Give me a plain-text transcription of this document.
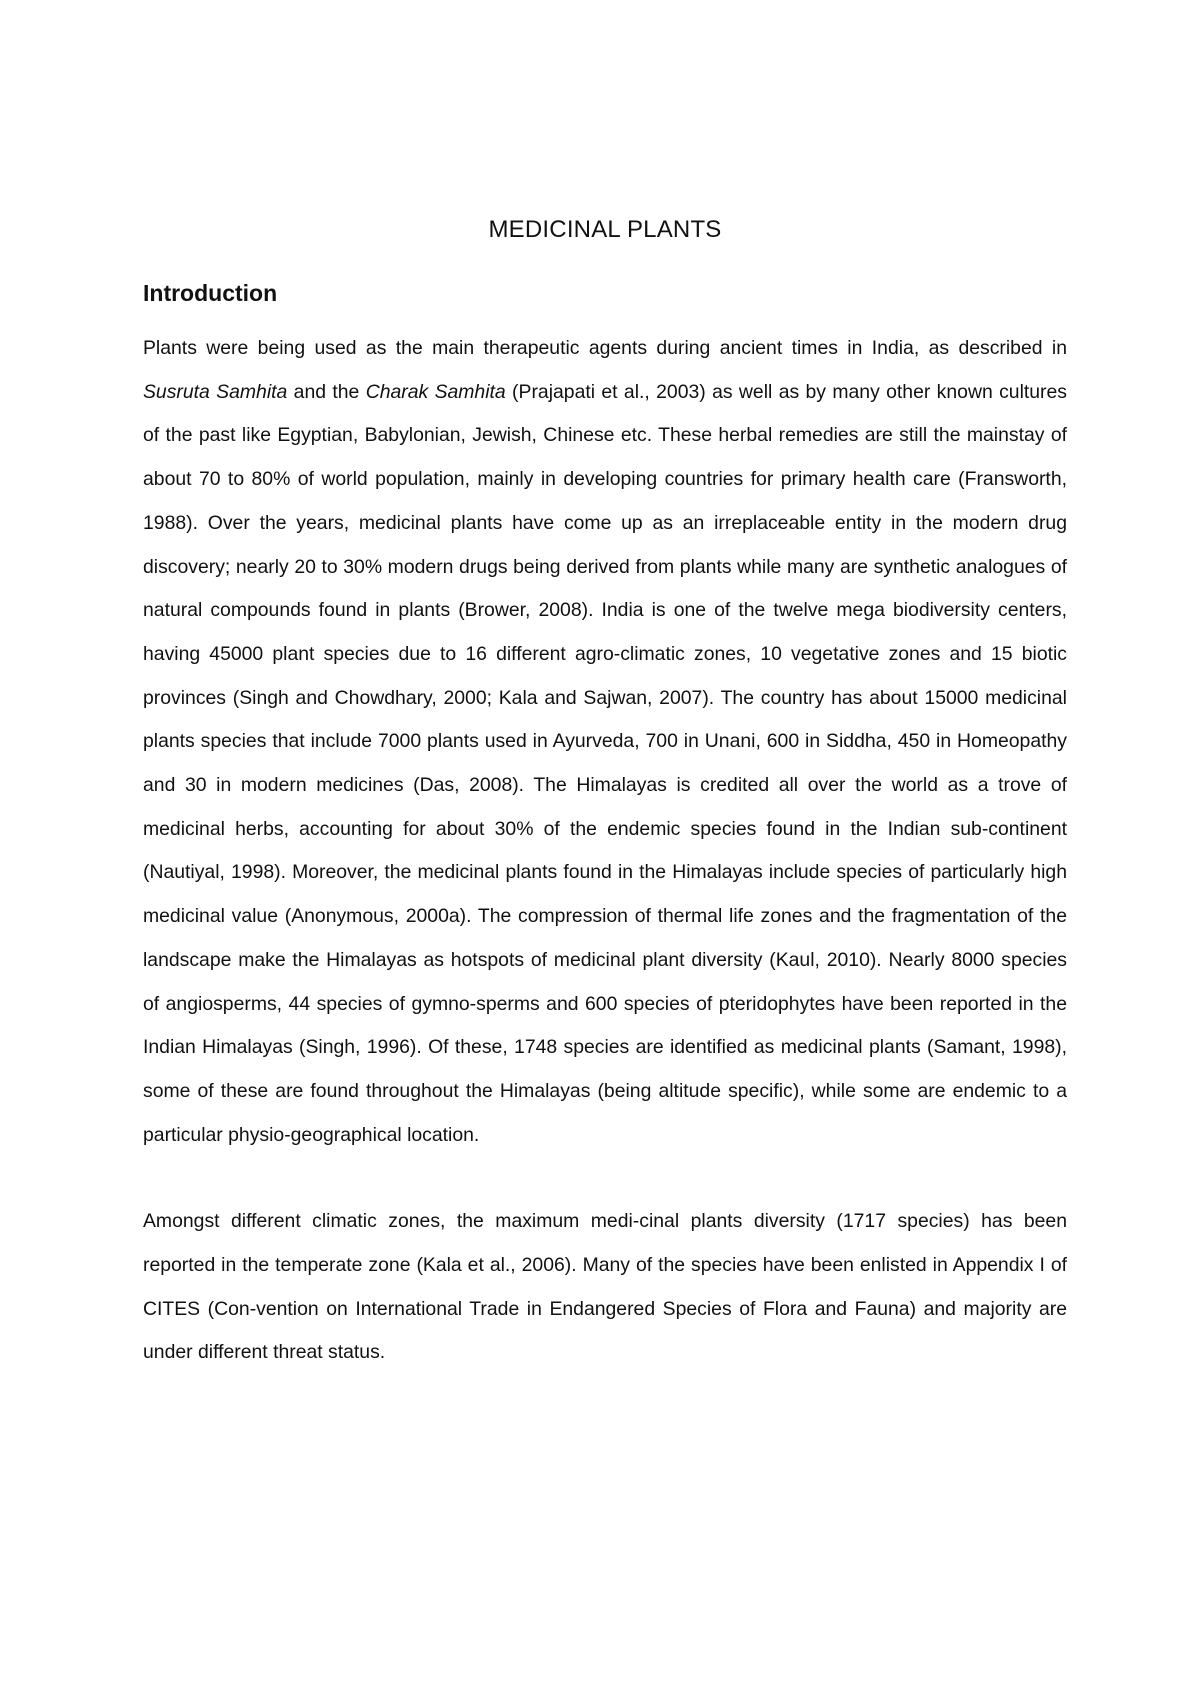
MEDICINAL PLANTS
Introduction

Plants were being used as the main therapeutic agents during ancient times in India, as described in Susruta Samhita and the Charak Samhita (Prajapati et al., 2003) as well as by many other known cultures of the past like Egyptian, Babylonian, Jewish, Chinese etc. These herbal remedies are still the mainstay of about 70 to 80% of world population, mainly in developing countries for primary health care (Fransworth, 1988). Over the years, medicinal plants have come up as an irreplaceable entity in the modern drug discovery; nearly 20 to 30% modern drugs being derived from plants while many are synthetic analogues of natural compounds found in plants (Brower, 2008). India is one of the twelve mega biodiversity centers, having 45000 plant species due to 16 different agro-climatic zones, 10 vegetative zones and 15 biotic provinces (Singh and Chowdhary, 2000; Kala and Sajwan, 2007). The country has about 15000 medicinal plants species that include 7000 plants used in Ayurveda, 700 in Unani, 600 in Siddha, 450 in Homeopathy and 30 in modern medicines (Das, 2008). The Himalayas is credited all over the world as a trove of medicinal herbs, accounting for about 30% of the endemic species found in the Indian sub-continent (Nautiyal, 1998). Moreover, the medicinal plants found in the Himalayas include species of particularly high medicinal value (Anonymous, 2000a). The compression of thermal life zones and the fragmentation of the landscape make the Himalayas as hotspots of medicinal plant diversity (Kaul, 2010). Nearly 8000 species of angiosperms, 44 species of gymno-sperms and 600 species of pteridophytes have been reported in the Indian Himalayas (Singh, 1996). Of these, 1748 species are identified as medicinal plants (Samant, 1998), some of these are found throughout the Himalayas (being altitude specific), while some are endemic to a particular physio-geographical location.

Amongst different climatic zones, the maximum medi-cinal plants diversity (1717 species) has been reported in the temperate zone (Kala et al., 2006). Many of the species have been enlisted in Appendix I of CITES (Con-vention on International Trade in Endangered Species of Flora and Fauna) and majority are under different threat status.
